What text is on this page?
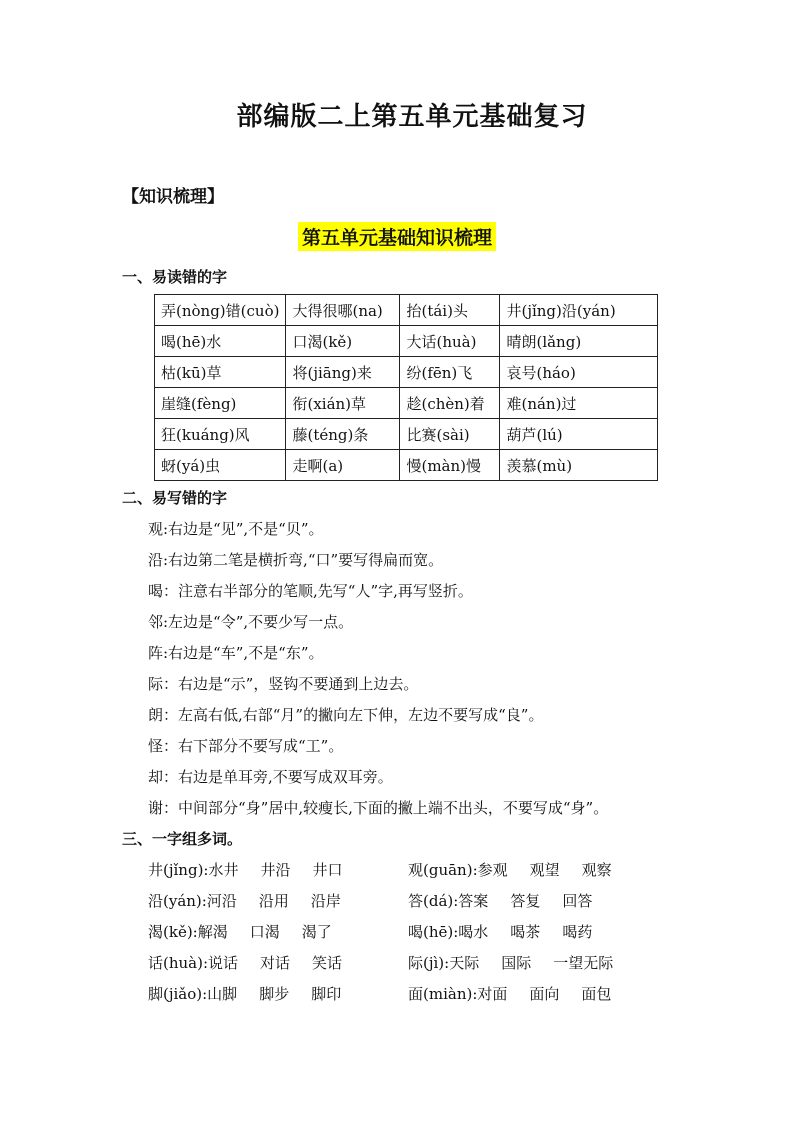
部编版二上第五单元基础复习
【知识梳理】
第五单元基础知识梳理
一、易读错的字
弄(nòng)错(cuò)	大得很哪(na)	抬(tái)头	井(jǐng)沿(yán)
喝(hē)水	口渴(kě)	大话(huà)	晴朗(lǎng)
枯(kū)草	将(jiāng)来	纷(fēn)飞	哀号(háo)
崖缝(fèng)	衔(xián)草	趁(chèn)着	难(nán)过
狂(kuáng)风	藤(téng)条	比赛(sài)	葫芦(lú)
蚜(yá)虫	走啊(a)	慢(màn)慢	羡慕(mù)
二、易写错的字
观:右边是“见”,不是“贝”。
沿:右边第二笔是横折弯,“口”要写得扁而宽。
喝：注意右半部分的笔顺,先写“人”字,再写竖折。
邻:左边是“令”,不要少写一点。
阵:右边是“车”,不是“东”。
际：右边是“示”，竖钩不要通到上边去。
朗：左高右低,右部“月”的撇向左下伸，左边不要写成“良”。
怪：右下部分不要写成“工”。
却：右边是单耳旁,不要写成双耳旁。
谢：中间部分“身”居中,较瘦长,下面的撇上端不出头，不要写成“身”。
三、一字组多词。
井(jǐng):水井 井沿 井口	观(guān):参观 观望 观察
沿(yán):河沿 沿用 沿岸	答(dá):答案 答复 回答
渴(kě):解渴 口渴 渴了	喝(hē):喝水 喝茶 喝药
话(huà):说话 对话 笑话	际(jì):天际 国际 一望无际
脚(jiǎo):山脚 脚步 脚印	面(miàn):对面 面向 面包
